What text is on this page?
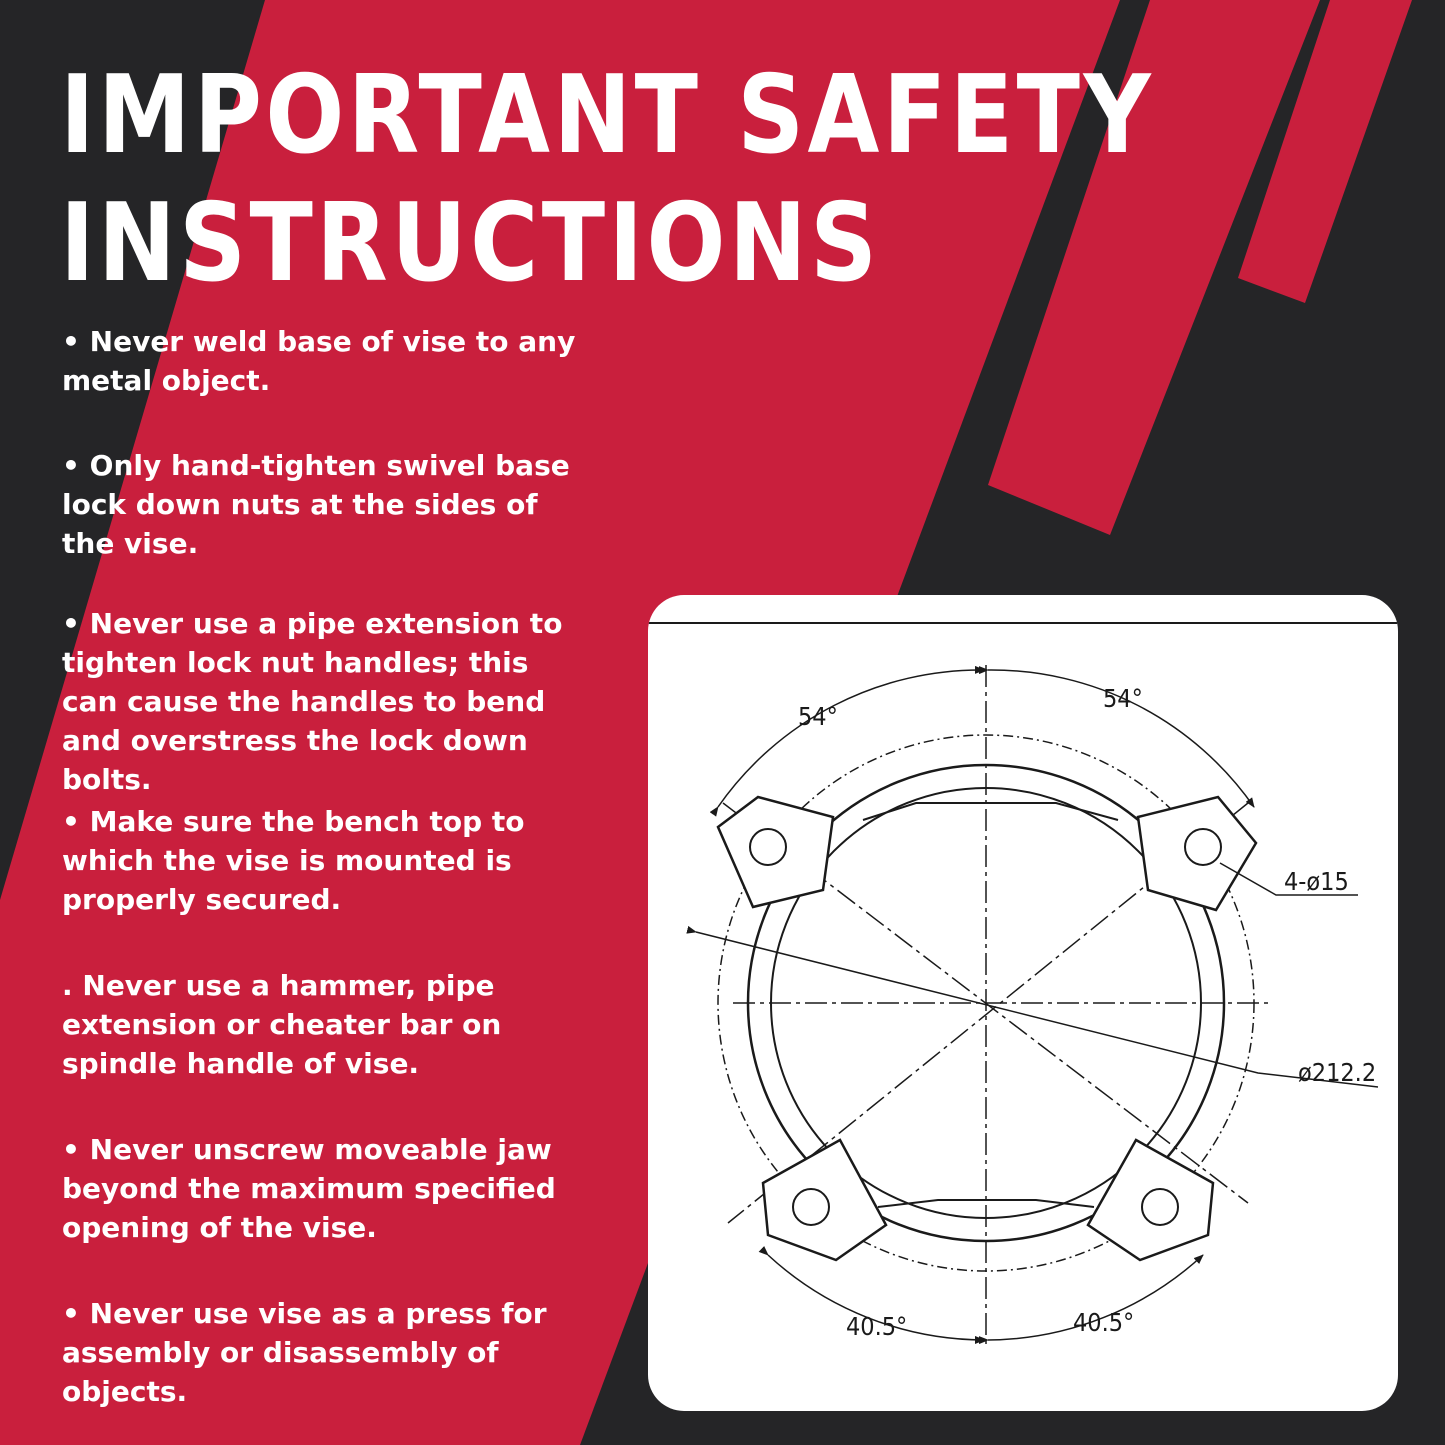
IMPORTANT SAFETY
INSTRUCTIONS

• Never weld base of vise to any metal object.

• Only hand-tighten swivel base lock down nuts at the sides of the vise.

• Never use a pipe extension to tighten lock nut handles; this can cause the handles to bend and overstress the lock down bolts.

• Make sure the bench top to which the vise is mounted is properly secured.

. Never use a hammer, pipe extension or cheater bar on spindle handle of vise.

• Never unscrew moveable jaw beyond the maximum specified opening of the vise.

• Never use vise as a press for assembly or disassembly of objects.

54°
54°
40.5°	40.5°
4-ø15
ø212.2
